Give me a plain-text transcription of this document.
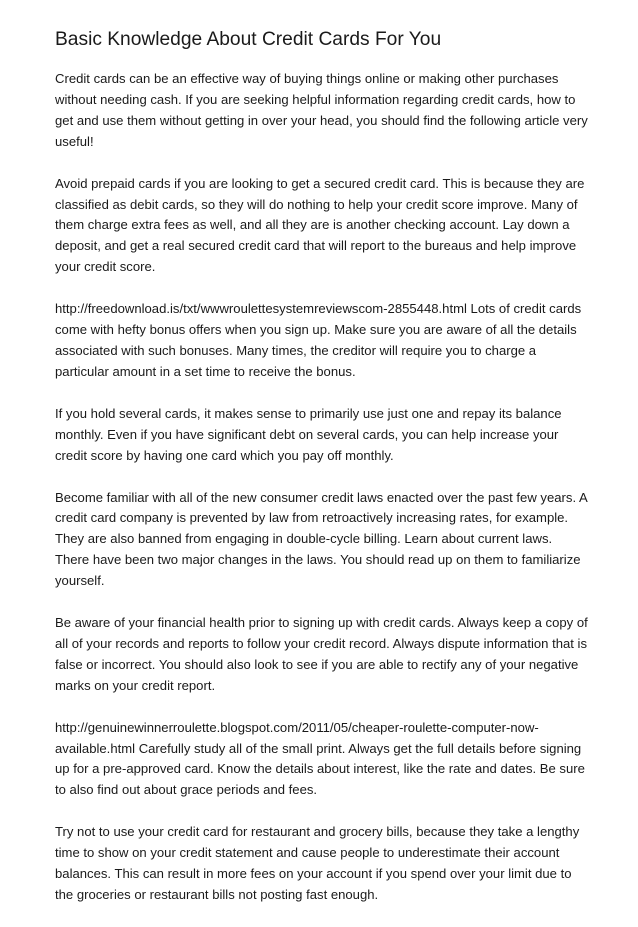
Basic Knowledge About Credit Cards For You

Credit cards can be an effective way of buying things online or making other purchases without needing cash. If you are seeking helpful information regarding credit cards, how to get and use them without getting in over your head, you should find the following article very useful!

Avoid prepaid cards if you are looking to get a secured credit card. This is because they are classified as debit cards, so they will do nothing to help your credit score improve. Many of them charge extra fees as well, and all they are is another checking account. Lay down a deposit, and get a real secured credit card that will report to the bureaus and help improve your credit score.

http://freedownload.is/txt/wwwroulettesystemreviewscom-2855448.html Lots of credit cards come with hefty bonus offers when you sign up. Make sure you are aware of all the details associated with such bonuses. Many times, the creditor will require you to charge a particular amount in a set time to receive the bonus.

If you hold several cards, it makes sense to primarily use just one and repay its balance monthly. Even if you have significant debt on several cards, you can help increase your credit score by having one card which you pay off monthly.

Become familiar with all of the new consumer credit laws enacted over the past few years. A credit card company is prevented by law from retroactively increasing rates, for example. They are also banned from engaging in double-cycle billing. Learn about current laws. There have been two major changes in the laws. You should read up on them to familiarize yourself.

Be aware of your financial health prior to signing up with credit cards. Always keep a copy of all of your records and reports to follow your credit record. Always dispute information that is false or incorrect. You should also look to see if you are able to rectify any of your negative marks on your credit report.

http://genuinewinnerroulette.blogspot.com/2011/05/cheaper-roulette-computer-now-available.html Carefully study all of the small print. Always get the full details before signing up for a pre-approved card. Know the details about interest, like the rate and dates. Be sure to also find out about grace periods and fees.

Try not to use your credit card for restaurant and grocery bills, because they take a lengthy time to show on your credit statement and cause people to underestimate their account balances. This can result in more fees on your account if you spend over your limit due to the groceries or restaurant bills not posting fast enough.
